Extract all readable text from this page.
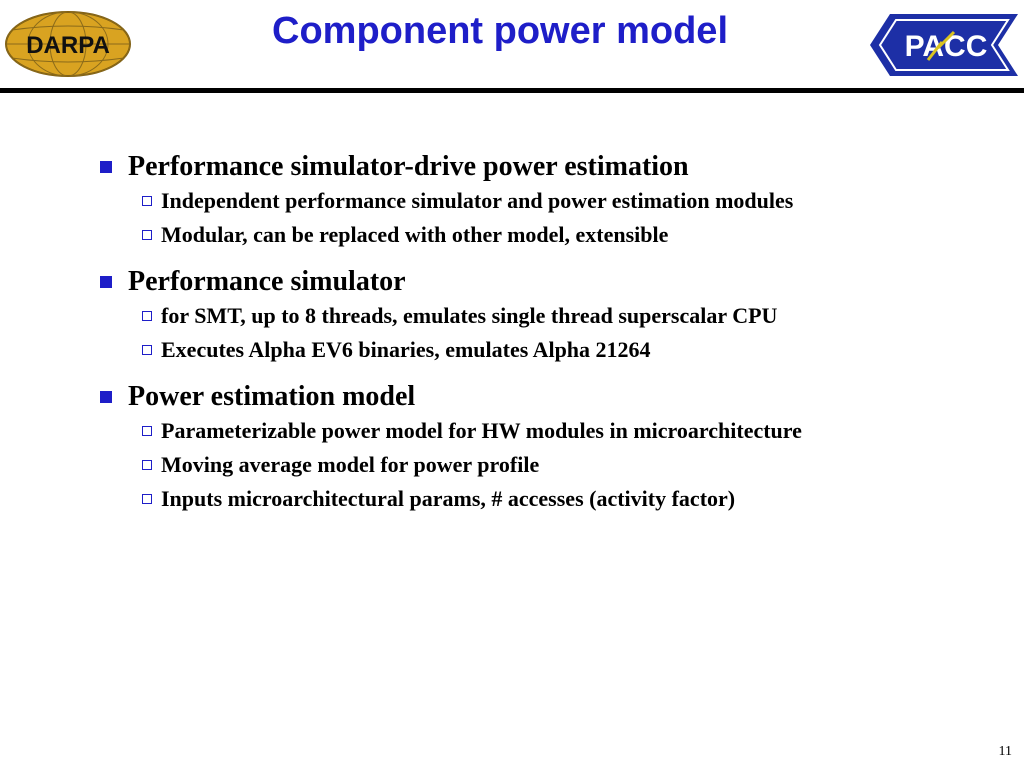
DARPA	Component power model	PACC
Performance simulator-drive power estimation
Independent performance simulator and power estimation modules
Modular, can be replaced with other model, extensible
Performance simulator
for SMT, up to 8 threads, emulates single thread superscalar CPU
Executes Alpha EV6 binaries, emulates Alpha 21264
Power estimation model
Parameterizable power model for HW modules in microarchitecture
Moving average model for power profile
Inputs microarchitectural params, # accesses (activity factor)
11
